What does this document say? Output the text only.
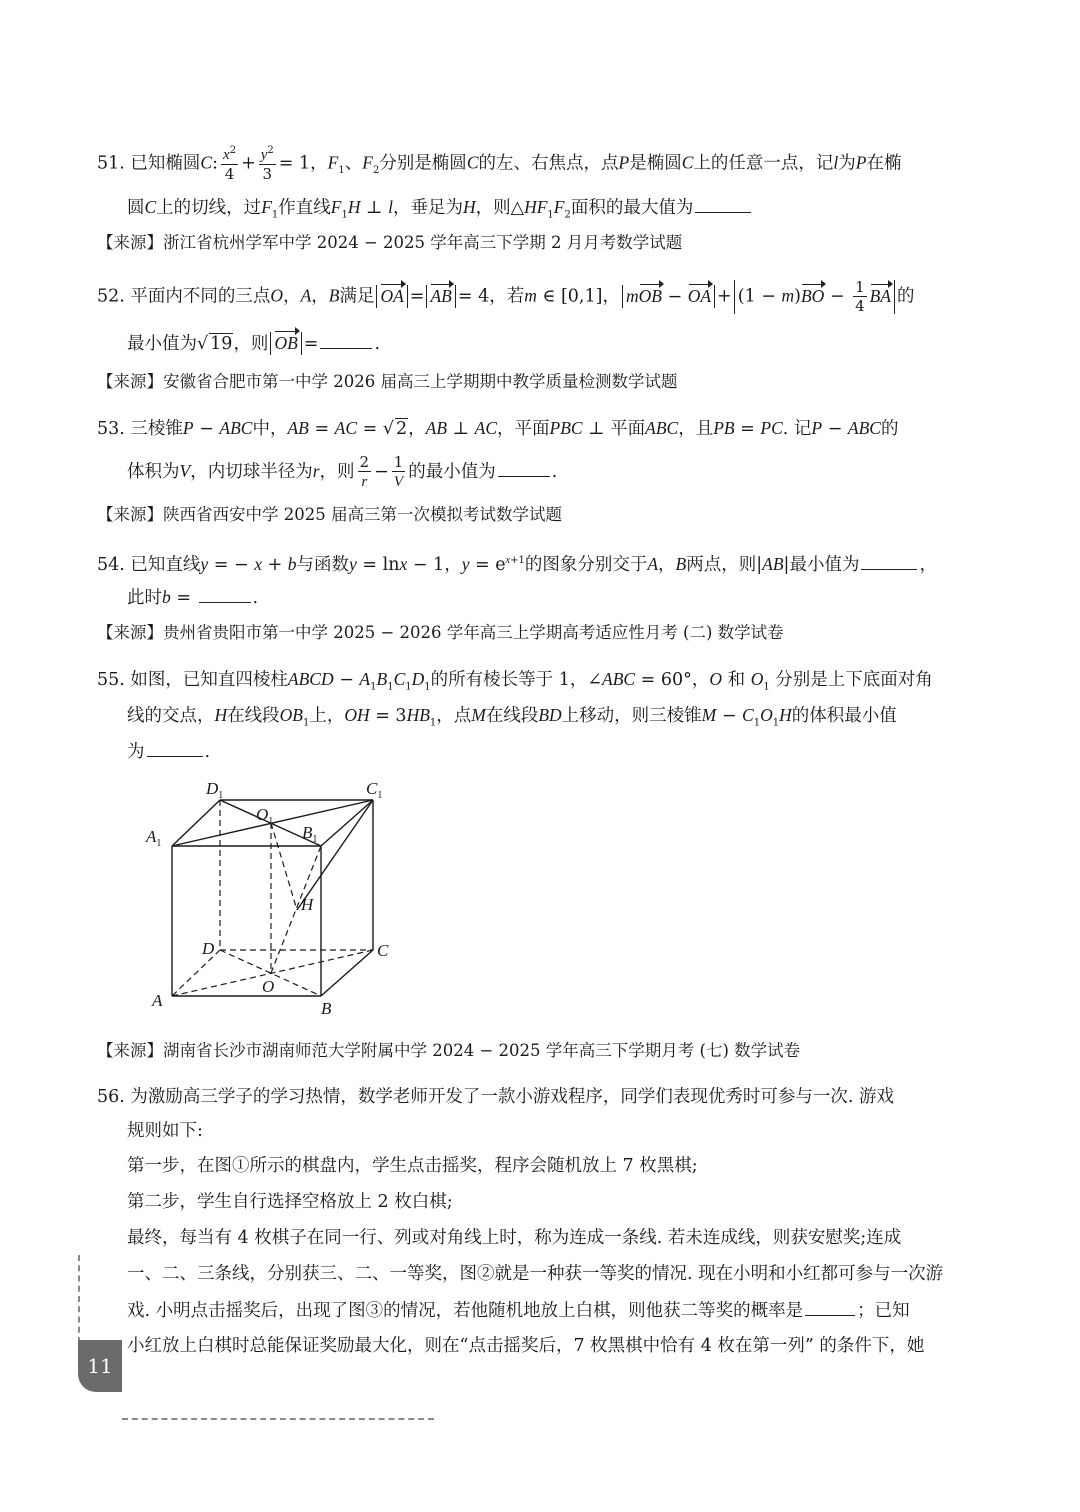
51. 已知椭圆C: $\frac{x^2}{4} + \frac{y^2}{3} = 1$，$F_1$、$F_2$分别是椭圆C的左、右焦点，点P是椭圆C上的任意一点，记l为P在椭
圆C上的切线，过$F_1$作直线$F_1H$ ⊥ l，垂足为H，则$\triangle HF_1F_2$面积的最大值为
【来源】浙江省杭州学军中学 2024 − 2025 学年高三下学期 2 月月考数学试题
52. 平面内不同的三点O，A，B满足 OA = AB = 4，若m ∈ [0,1]， mOB − OA + $(1 - m)BO - \frac{1}{4}$ BA 的
最小值为√ 19，则 OB =	.
【来源】安徽省合肥市第一中学 2026 届高三上学期期中教学质量检测数学试题
53. 三棱锥P − ABC中，AB = AC = √ 2，AB ⊥ AC，平面PBC ⊥ 平面ABC，且PB = PC. 记P − ABC的
体积为V，内切球半径为r，则 $\frac{2}{r} - \frac{1}{V}$ 的最小值为	.
【来源】陕西省西安中学 2025 届高三第一次模拟考试数学试题
54. 已知直线y = − x + b与函数y = lnx − 1，$y = e^{x+1}$的图象分别交于A，B两点，则|AB|最小值为	，
此时b =	.
【来源】贵州省贵阳市第一中学 2025 − 2026 学年高三上学期高考适应性月考 (二) 数学试卷
55. 如图，已知直四棱柱ABCD − $A_1B_1C_1D_1$的所有棱长等于 1，∠ABC = 60°，O 和 $O_1$ 分别是上下底面对角
线的交点，H在线段$OB_1$上，OH = $3HB_1$，点M在线段BD上移动，则三棱锥$M - C_1O_1H$的体积最小值
为	.
$D_1$	$C_1$
$A_1$
$B_1$
$O_1$
H
D	C
A
O
B
【来源】湖南省长沙市湖南师范大学附属中学 2024 − 2025 学年高三下学期月考 (七) 数学试卷
56. 为激励高三学子的学习热情，数学老师开发了一款小游戏程序，同学们表现优秀时可参与一次. 游戏
规则如下:
第一步，在图①所示的棋盘内，学生点击摇奖，程序会随机放上 7 枚黑棋;
第二步，学生自行选择空格放上 2 枚白棋;
最终，每当有 4 枚棋子在同一行、列或对角线上时，称为连成一条线. 若未连成线，则获安慰奖;连成
一、二、三条线，分别获三、二、一等奖，图②就是一种获一等奖的情况. 现在小明和小红都可参与一次游
戏. 小明点击摇奖后，出现了图③的情况，若他随机地放上白棋，则他获二等奖的概率是	；已知
小红放上白棋时总能保证奖励最大化，则在“点击摇奖后，7 枚黑棋中恰有 4 枚在第一列” 的条件下，她
11
